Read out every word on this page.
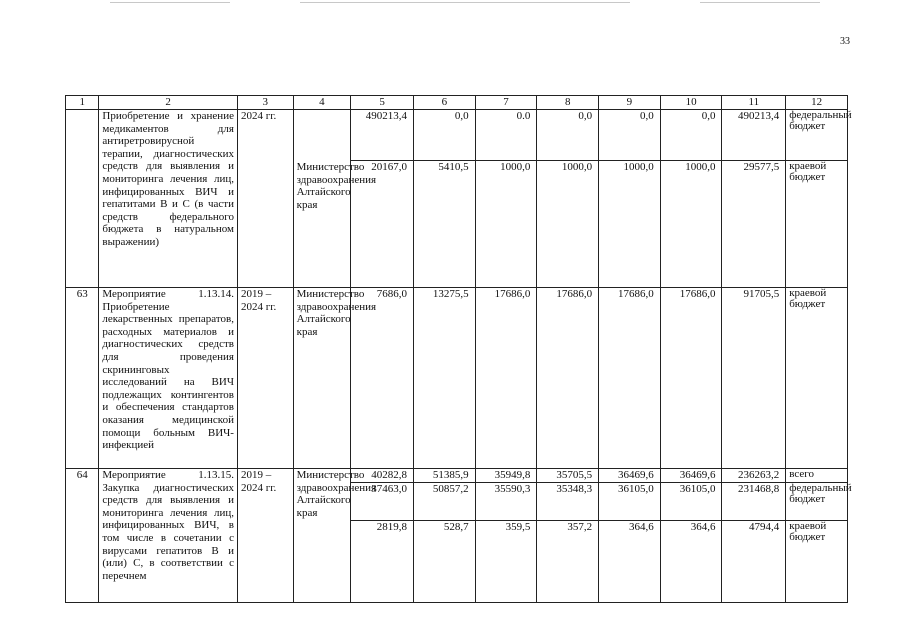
33
1	2	3	4	5	6	7	8	9	10	11	12
	Приобретение и хранение медикаментов для антиретровирусной терапии, диагностических средств для выявления и мониторинга лечения лиц, инфицированных ВИЧ и гепатитами В и С (в части средств федерального бюджета в натуральном выражении)	2024 гг.	Министерство здравоохранения Алтайского края	490213,4	0,0	0.0	0,0	0,0	0,0	490213,4	федеральный бюджет
				20167,0	5410,5	1000,0	1000,0	1000,0	1000,0	29577,5	краевой бюджет
63	Мероприятие 1.13.14. Приобретение лекарственных препаратов, расходных материалов и диагностических средств для проведения скрининговых исследований на ВИЧ подлежащих контингентов и обеспечения стандартов оказания медицинской помощи больным ВИЧ-инфекцией	2019 – 2024 гг.	Министерство здравоохранения Алтайского края	7686,0	13275,5	17686,0	17686,0	17686,0	17686,0	91705,5	краевой бюджет
64	Мероприятие 1.13.15. Закупка диагностических средств для выявления и мониторинга лечения лиц, инфицированных ВИЧ, в том числе в сочетании с вирусами гепатитов В и (или) С, в соответствии с перечнем	2019 – 2024 гг.	Министерство здравоохранения Алтайского края	40282,8	51385,9	35949,8	35705,5	36469,6	36469,6	236263,2	всего
				37463,0	50857,2	35590,3	35348,3	36105,0	36105,0	231468,8	федеральный бюджет
				2819,8	528,7	359,5	357,2	364,6	364,6	4794,4	краевой бюджет
